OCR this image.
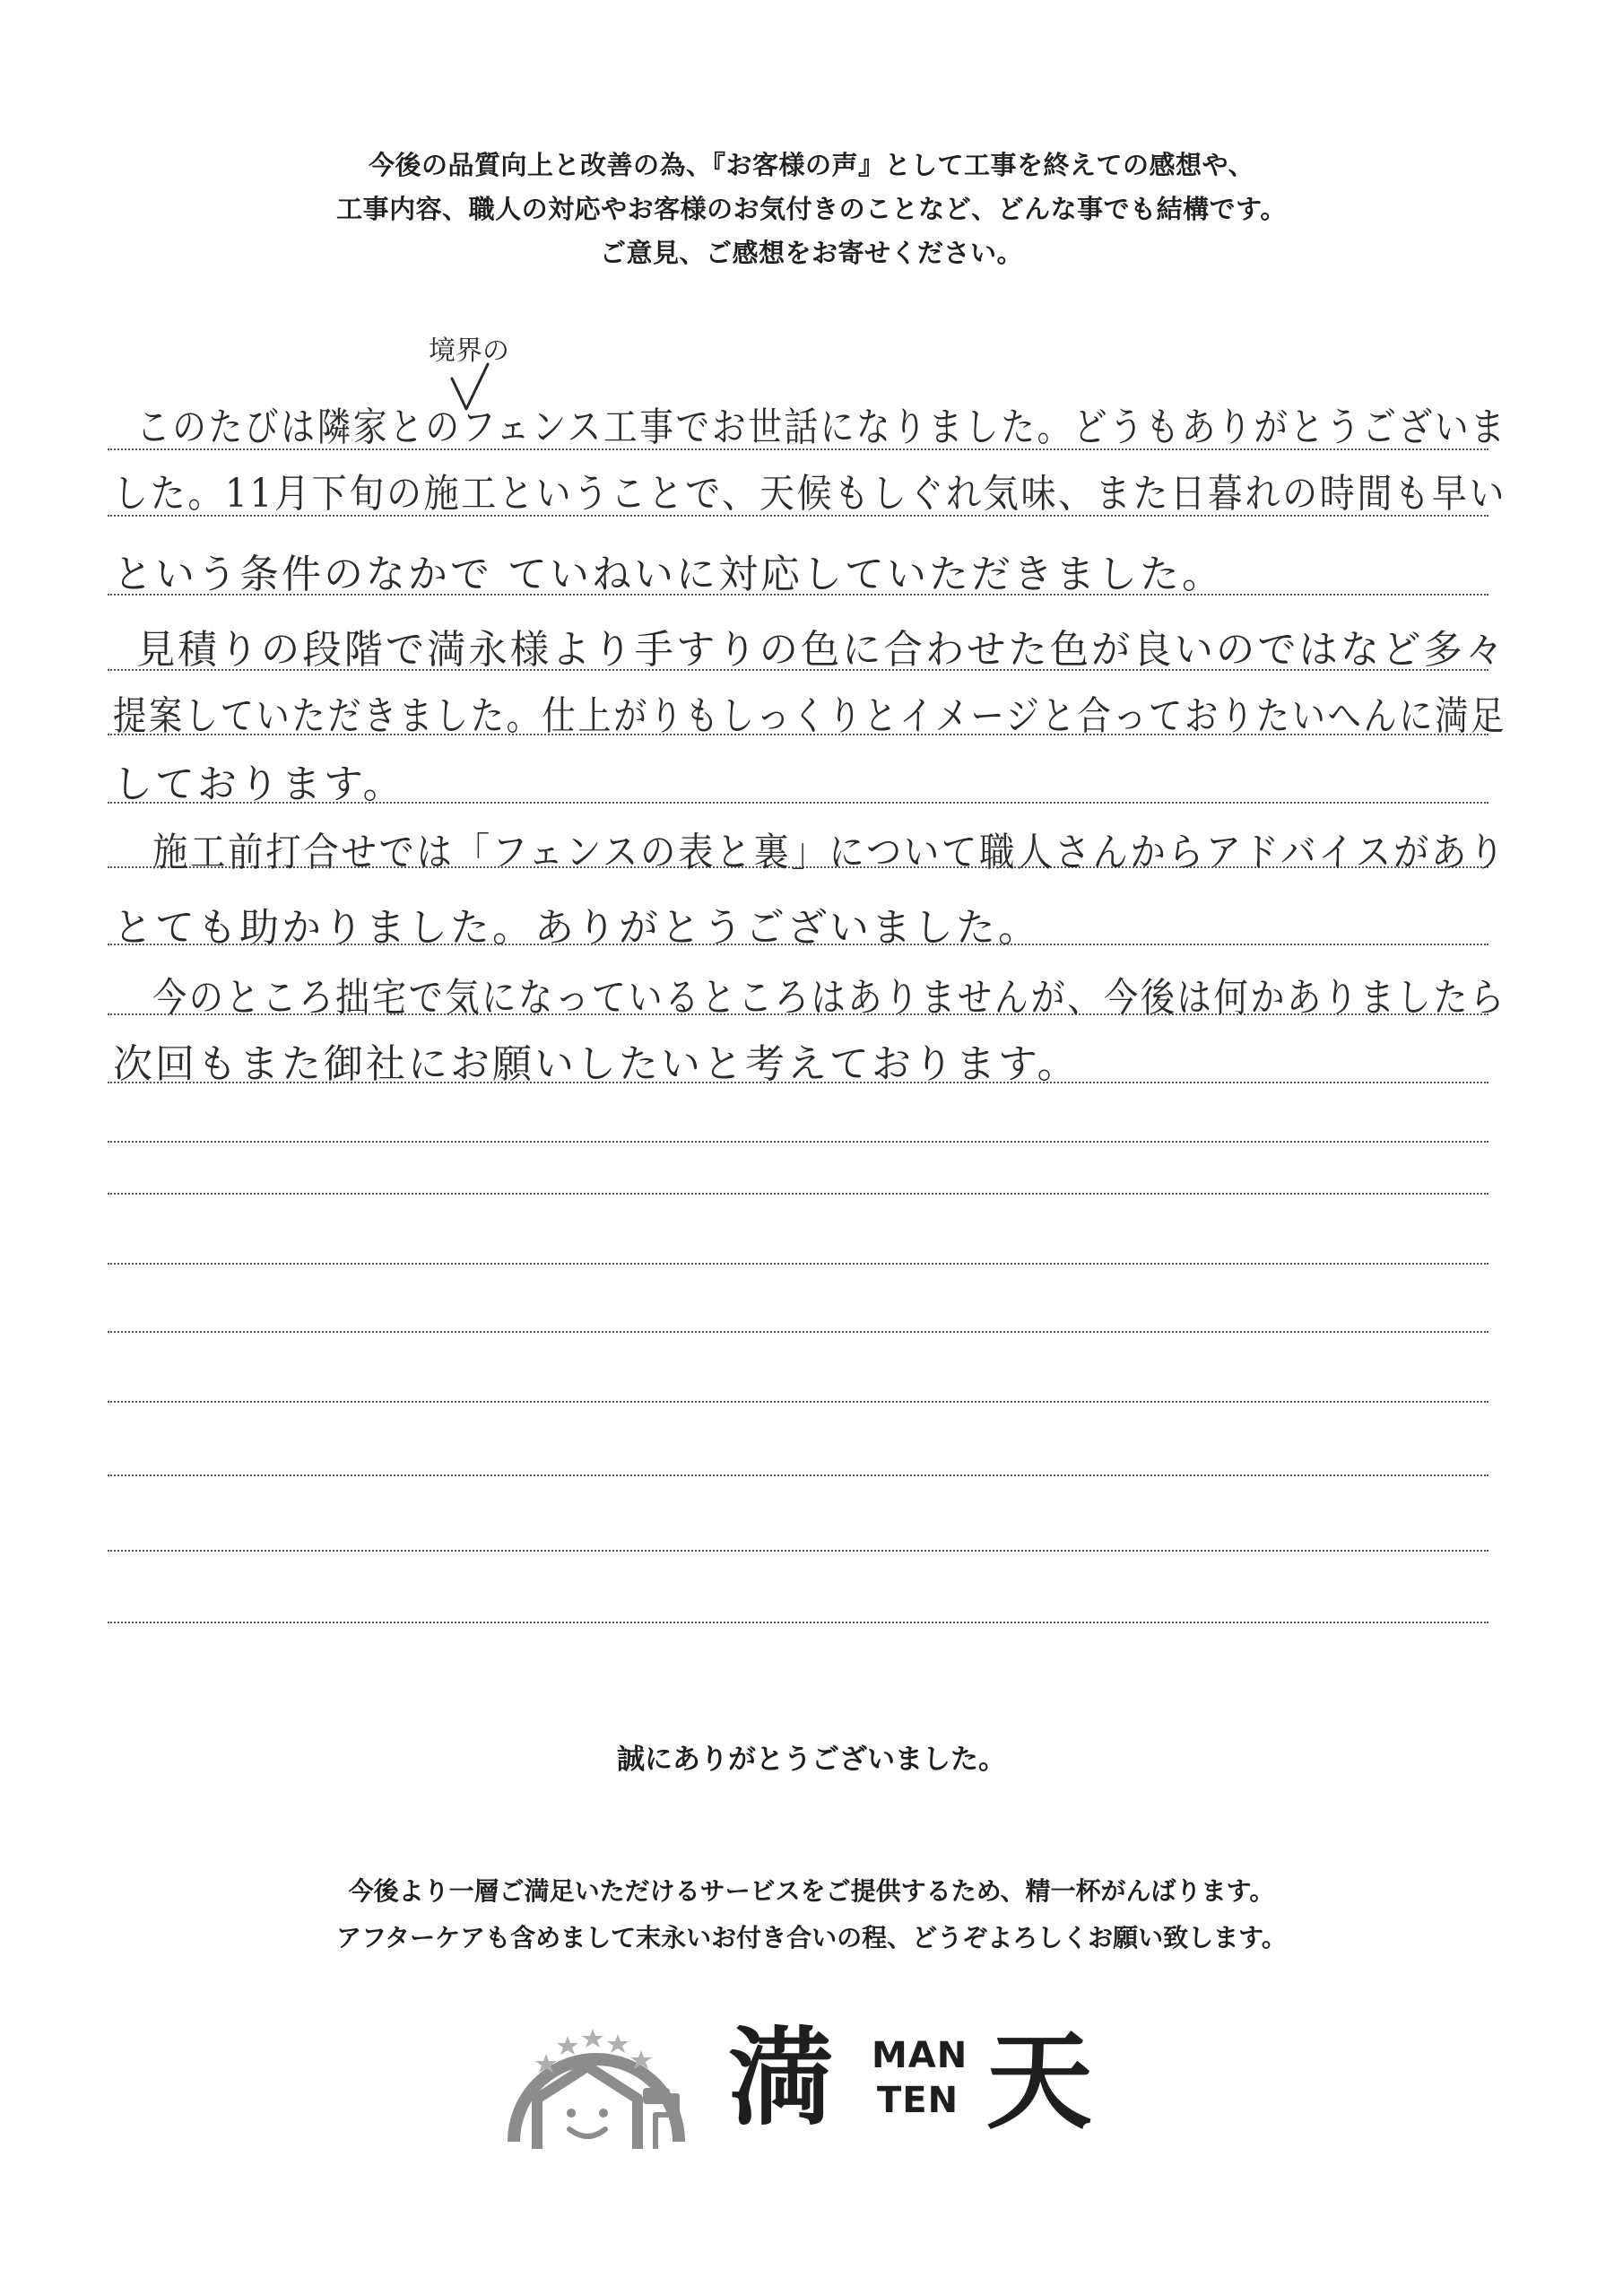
今後の品質向上と改善の為、『お客様の声』として工事を終えての感想や、
工事内容、職人の対応やお客様のお気付きのことなど、どんな事でも結構です。
ご意見、ご感想をお寄せください。
境界の
このたびは隣家とのフェンス工事でお世話になりました。どうもありがとうございま
した。11月下旬の施工ということで、天候もしぐれ気味、また日暮れの時間も早い
という条件のなかで ていねいに対応していただきました。
見積りの段階で満永様より手すりの色に合わせた色が良いのではなど多々
提案していただきました。仕上がりもしっくりとイメージと合っておりたいへんに満足
しております。
施工前打合せでは「フェンスの表と裏」について職人さんからアドバイスがあり
とても助かりました。ありがとうございました。
今のところ拙宅で気になっているところはありませんが、今後は何かありましたら
次回もまた御社にお願いしたいと考えております。
誠にありがとうございました。
今後より一層ご満足いただけるサービスをご提供するため、精一杯がんばります。
アフターケアも含めまして末永いお付き合いの程、どうぞよろしくお願い致します。
満 MAN
TEN 天
